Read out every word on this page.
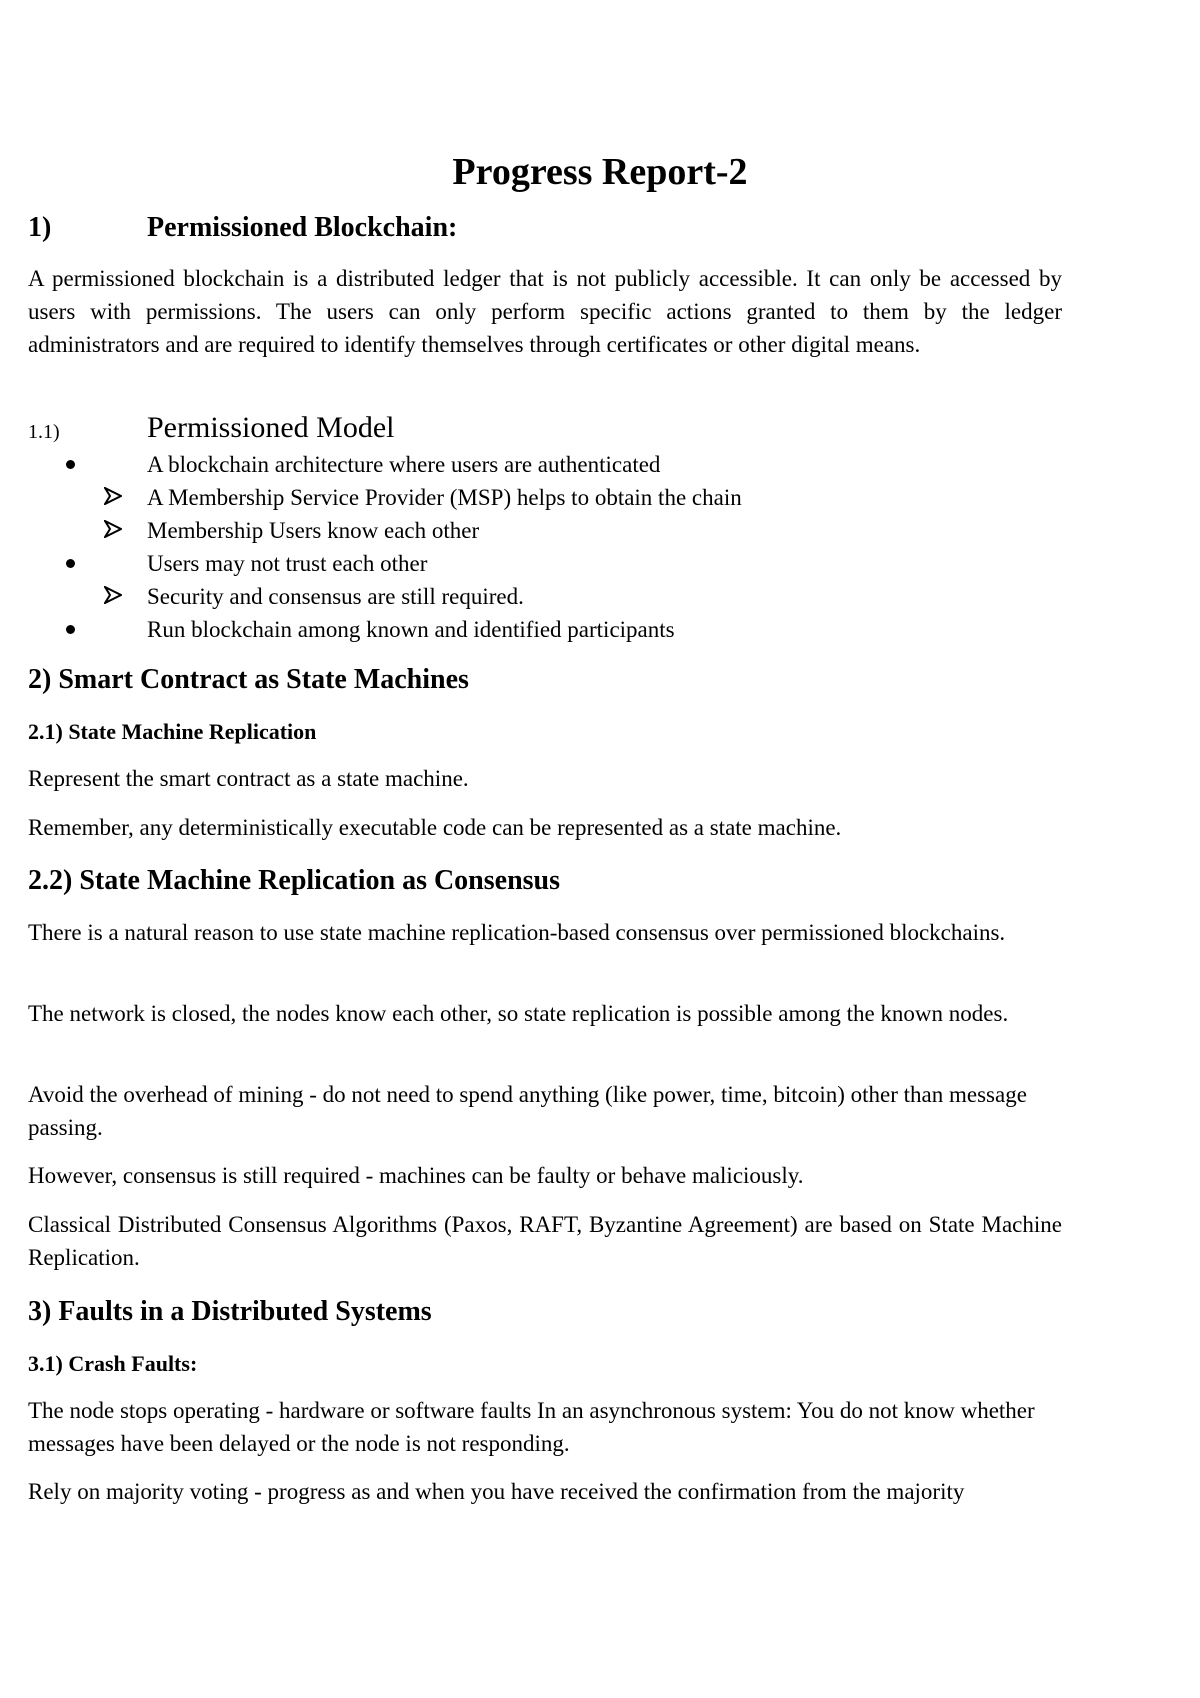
Progress Report-2
1)	Permissioned Blockchain:
A permissioned blockchain is a distributed ledger that is not publicly accessible. It can only be accessed by users with permissions. The users can only perform specific actions granted to them by the ledger administrators and are required to identify themselves through certificates or other digital means.
1.1)	Permissioned Model
A blockchain architecture where users are authenticated
A Membership Service Provider (MSP) helps to obtain the chain
Membership Users know each other
Users may not trust each other
Security and consensus are still required.
Run blockchain among known and identified participants
2) Smart Contract as State Machines
2.1) State Machine Replication
Represent the smart contract as a state machine.
Remember, any deterministically executable code can be represented as a state machine.
2.2) State Machine Replication as Consensus
There is a natural reason to use state machine replication-based consensus over permissioned blockchains.
The network is closed, the nodes know each other, so state replication is possible among the known nodes.
Avoid the overhead of mining - do not need to spend anything (like power, time, bitcoin) other than message passing.
However, consensus is still required - machines can be faulty or behave maliciously.
Classical Distributed Consensus Algorithms (Paxos, RAFT, Byzantine Agreement) are based on State Machine Replication.
3) Faults in a Distributed Systems
3.1) Crash Faults:
The node stops operating - hardware or software faults In an asynchronous system: You do not know whether messages have been delayed or the node is not responding.
Rely on majority voting - progress as and when you have received the confirmation from the majority
